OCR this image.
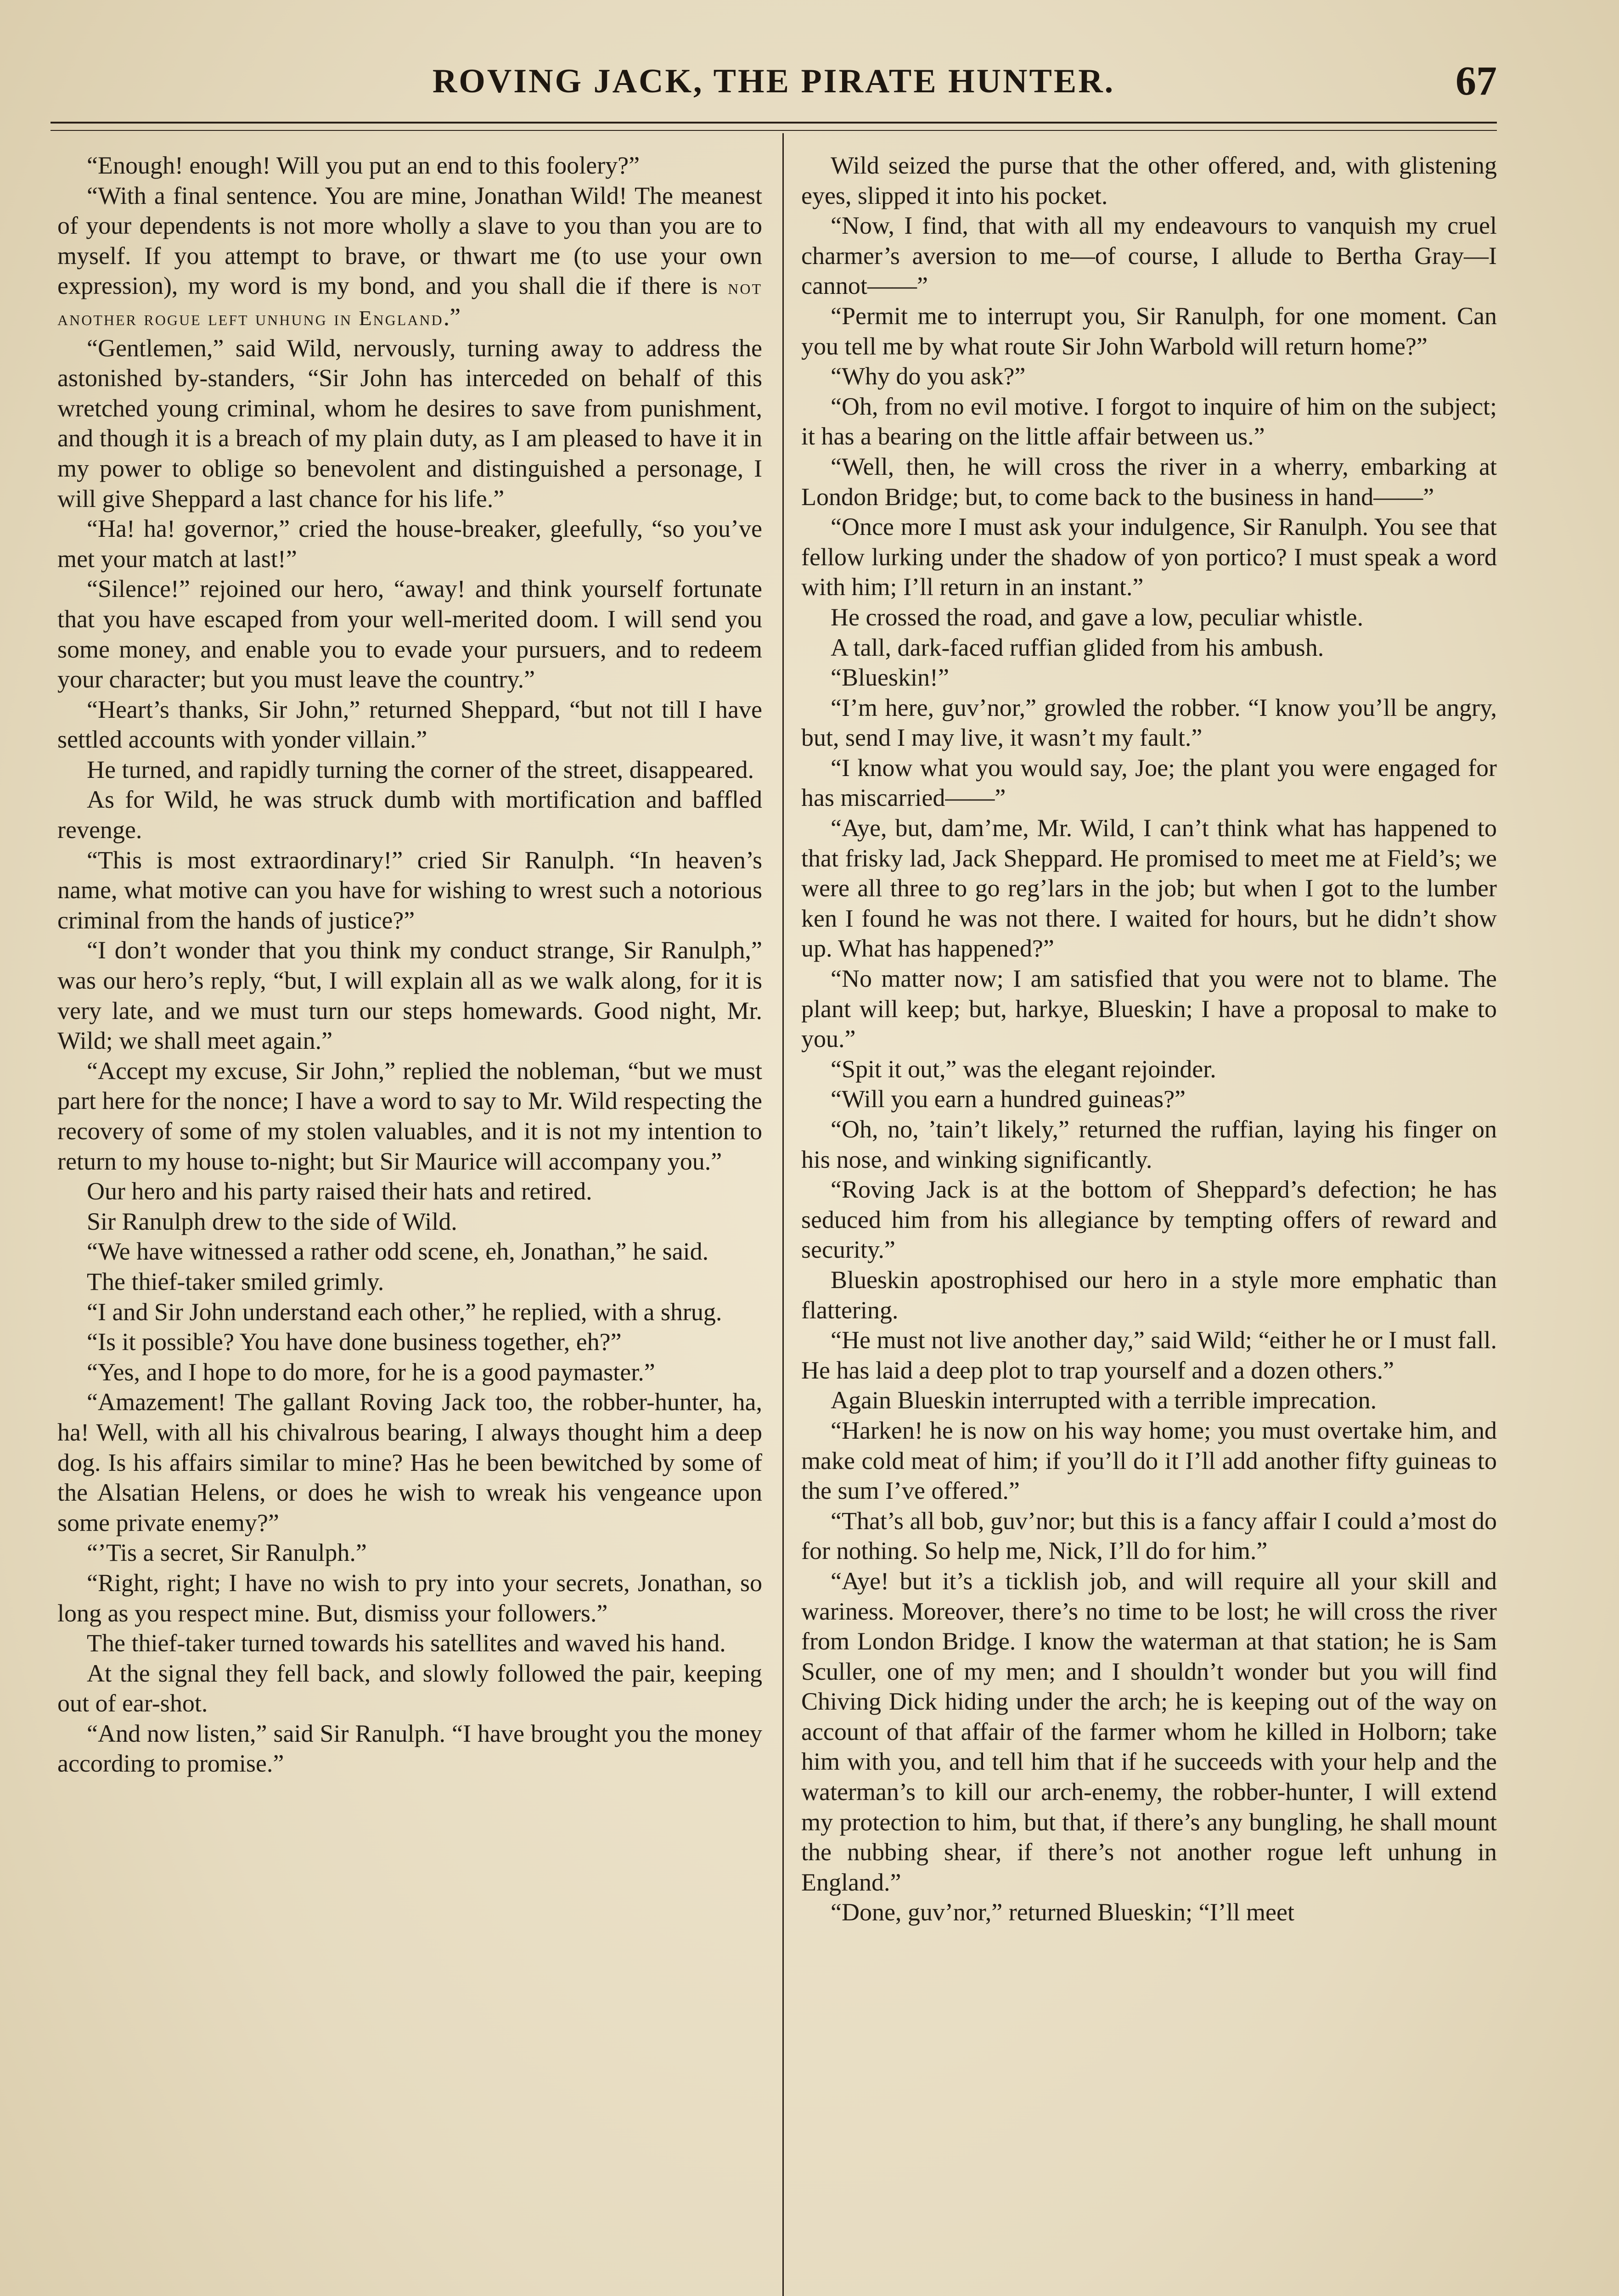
ROVING JACK, THE PIRATE HUNTER.	67

“Enough! enough! Will you put an end to this foolery?”

“With a final sentence. You are mine, Jonathan Wild! The meanest of your dependents is not more wholly a slave to you than you are to myself. If you attempt to brave, or thwart me (to use your own expression), my word is my bond, and you shall die if there is not another rogue left unhung in England.”

“Gentlemen,” said Wild, nervously, turning away to address the astonished by-standers, “Sir John has interceded on behalf of this wretched young criminal, whom he desires to save from punishment, and though it is a breach of my plain duty, as I am pleased to have it in my power to oblige so benevolent and distinguished a personage, I will give Sheppard a last chance for his life.”

“Ha! ha! governor,” cried the house-breaker, gleefully, “so you’ve met your match at last!”

“Silence!” rejoined our hero, “away! and think yourself fortunate that you have escaped from your well-merited doom. I will send you some money, and enable you to evade your pursuers, and to redeem your character; but you must leave the country.”

“Heart’s thanks, Sir John,” returned Sheppard, “but not till I have settled accounts with yonder villain.”

He turned, and rapidly turning the corner of the street, disappeared.

As for Wild, he was struck dumb with mortification and baffled revenge.

“This is most extraordinary!” cried Sir Ranulph. “In heaven’s name, what motive can you have for wishing to wrest such a notorious criminal from the hands of justice?”

“I don’t wonder that you think my conduct strange, Sir Ranulph,” was our hero’s reply, “but, I will explain all as we walk along, for it is very late, and we must turn our steps homewards. Good night, Mr. Wild; we shall meet again.”

“Accept my excuse, Sir John,” replied the nobleman, “but we must part here for the nonce; I have a word to say to Mr. Wild respecting the recovery of some of my stolen valuables, and it is not my intention to return to my house to-night; but Sir Maurice will accompany you.”

Our hero and his party raised their hats and retired.

Sir Ranulph drew to the side of Wild.

“We have witnessed a rather odd scene, eh, Jonathan,” he said.

The thief-taker smiled grimly.

“I and Sir John understand each other,” he replied, with a shrug.

“Is it possible? You have done business together, eh?”

“Yes, and I hope to do more, for he is a good paymaster.”

“Amazement! The gallant Roving Jack too, the robber-hunter, ha, ha! Well, with all his chivalrous bearing, I always thought him a deep dog. Is his affairs similar to mine? Has he been bewitched by some of the Alsatian Helens, or does he wish to wreak his vengeance upon some private enemy?”

“’Tis a secret, Sir Ranulph.”

“Right, right; I have no wish to pry into your secrets, Jonathan, so long as you respect mine. But, dismiss your followers.”

The thief-taker turned towards his satellites and waved his hand.

At the signal they fell back, and slowly followed the pair, keeping out of ear-shot.

“And now listen,” said Sir Ranulph. “I have brought you the money according to promise.”

Wild seized the purse that the other offered, and, with glistening eyes, slipped it into his pocket.

“Now, I find, that with all my endeavours to vanquish my cruel charmer’s aversion to me—of course, I allude to Bertha Gray—I cannot——”

“Permit me to interrupt you, Sir Ranulph, for one moment. Can you tell me by what route Sir John Warbold will return home?”

“Why do you ask?”

“Oh, from no evil motive. I forgot to inquire of him on the subject; it has a bearing on the little affair between us.”

“Well, then, he will cross the river in a wherry, embarking at London Bridge; but, to come back to the business in hand——”

“Once more I must ask your indulgence, Sir Ranulph. You see that fellow lurking under the shadow of yon portico? I must speak a word with him; I’ll return in an instant.”

He crossed the road, and gave a low, peculiar whistle.

A tall, dark-faced ruffian glided from his ambush.

“Blueskin!”

“I’m here, guv’nor,” growled the robber. “I know you’ll be angry, but, send I may live, it wasn’t my fault.”

“I know what you would say, Joe; the plant you were engaged for has miscarried——”

“Aye, but, dam’me, Mr. Wild, I can’t think what has happened to that frisky lad, Jack Sheppard. He promised to meet me at Field’s; we were all three to go reg’lars in the job; but when I got to the lumber ken I found he was not there. I waited for hours, but he didn’t show up. What has happened?”

“No matter now; I am satisfied that you were not to blame. The plant will keep; but, harkye, Blueskin; I have a proposal to make to you.”

“Spit it out,” was the elegant rejoinder.

“Will you earn a hundred guineas?”

“Oh, no, ’tain’t likely,” returned the ruffian, laying his finger on his nose, and winking significantly.

“Roving Jack is at the bottom of Sheppard’s defection; he has seduced him from his allegiance by tempting offers of reward and security.”

Blueskin apostrophised our hero in a style more emphatic than flattering.

“He must not live another day,” said Wild; “either he or I must fall. He has laid a deep plot to trap yourself and a dozen others.”

Again Blueskin interrupted with a terrible imprecation.

“Harken! he is now on his way home; you must overtake him, and make cold meat of him; if you’ll do it I’ll add another fifty guineas to the sum I’ve offered.”

“That’s all bob, guv’nor; but this is a fancy affair I could a’most do for nothing. So help me, Nick, I’ll do for him.”

“Aye! but it’s a ticklish job, and will require all your skill and wariness. Moreover, there’s no time to be lost; he will cross the river from London Bridge. I know the waterman at that station; he is Sam Sculler, one of my men; and I shouldn’t wonder but you will find Chiving Dick hiding under the arch; he is keeping out of the way on account of that affair of the farmer whom he killed in Holborn; take him with you, and tell him that if he succeeds with your help and the waterman’s to kill our arch-enemy, the robber-hunter, I will extend my protection to him, but that, if there’s any bungling, he shall mount the nubbing shear, if there’s not another rogue left unhung in England.”

“Done, guv’nor,” returned Blueskin; “I’ll meet
